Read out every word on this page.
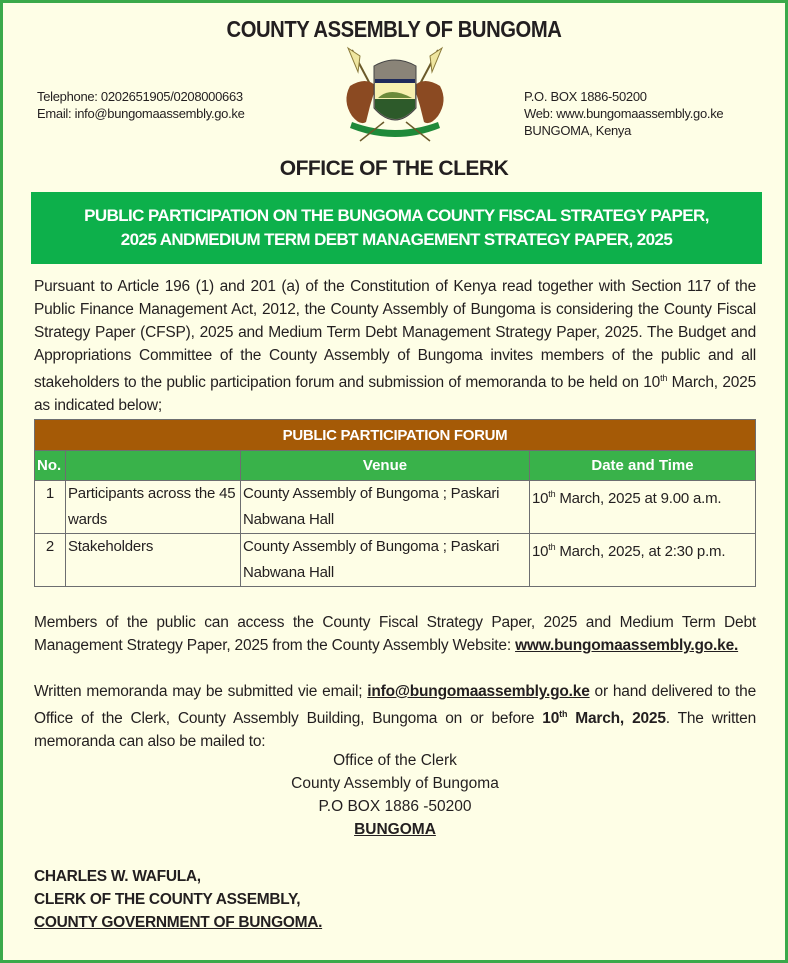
COUNTY ASSEMBLY OF BUNGOMA
Telephone: 0202651905/0208000663
Email: info@bungomaassembly.go.ke
P.O. BOX 1886-50200
Web: www.bungomaassembly.go.ke
BUNGOMA, Kenya
OFFICE OF THE CLERK
PUBLIC PARTICIPATION ON THE BUNGOMA COUNTY FISCAL STRATEGY PAPER,
2025 ANDMEDIUM TERM DEBT MANAGEMENT STRATEGY PAPER, 2025
Pursuant to Article 196 (1) and 201 (a) of the Constitution of Kenya read together with Section 117 of the Public Finance Management Act, 2012, the County Assembly of Bungoma is considering the County Fiscal Strategy Paper (CFSP), 2025 and Medium Term Debt Management Strategy Paper, 2025. The Budget and Appropriations Committee of the County Assembly of Bungoma invites members of the public and all stakeholders to the public participation forum and submission of memoranda to be held on 10th March, 2025 as indicated below;
PUBLIC PARTICIPATION FORUM			
No.		Venue	Date and Time
1	Participants across the 45 wards	County Assembly of Bungoma ; Paskari Nabwana Hall	10th March, 2025 at 9.00 a.m.
2	Stakeholders	County Assembly of Bungoma ; Paskari Nabwana Hall	10th March, 2025, at 2:30 p.m.
Members of the public can access the County Fiscal Strategy Paper, 2025 and Medium Term Debt Management Strategy Paper, 2025 from the County Assembly Website: www.bungomaassembly.go.ke.
Written memoranda may be submitted vie email; info@bungomaassembly.go.ke or hand delivered to the Office of the Clerk, County Assembly Building, Bungoma on or before 10th March, 2025. The written memoranda can also be mailed to:
Office of the Clerk
County Assembly of Bungoma
P.O BOX 1886 -50200
BUNGOMA
CHARLES W. WAFULA,
CLERK OF THE COUNTY ASSEMBLY,
COUNTY GOVERNMENT OF BUNGOMA.
